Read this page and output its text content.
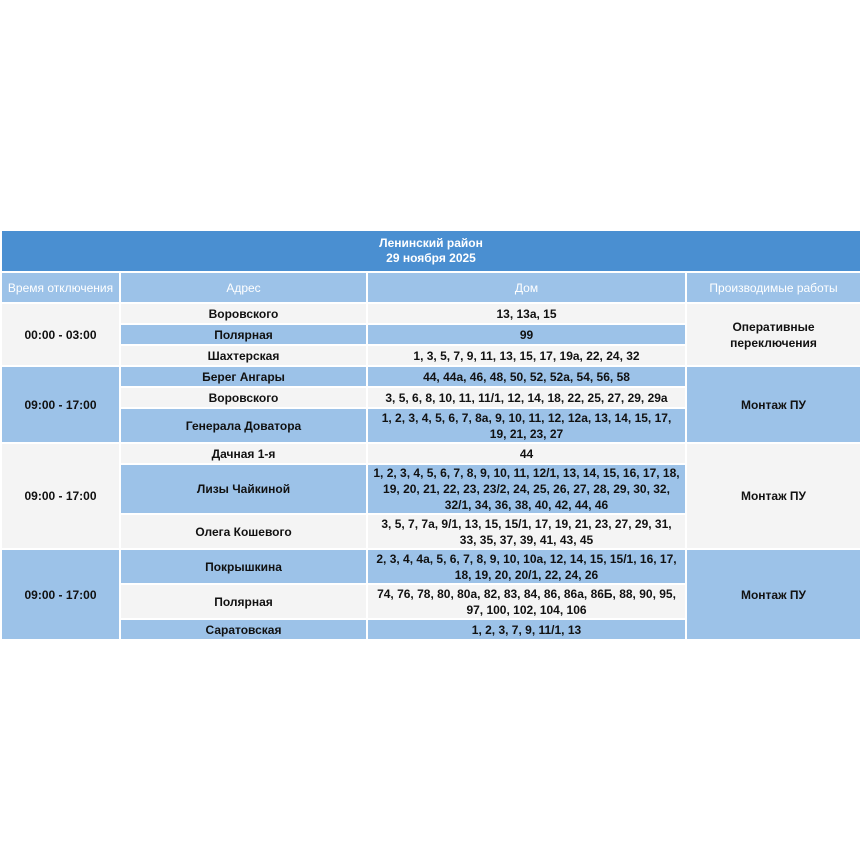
Ленинский район
29 ноября 2025			

Время отключения	Адрес	Дом	Производимые работы
00:00 - 03:00	Воровского	13, 13а, 15	Оперативные переключения
	Полярная	99	
	Шахтерская	1, 3, 5, 7, 9, 11, 13, 15, 17, 19а, 22, 24, 32	
09:00 - 17:00	Берег Ангары	44, 44а, 46, 48, 50, 52, 52а, 54, 56, 58	Монтаж ПУ
	Воровского	3, 5, 6, 8, 10, 11, 11/1, 12, 14, 18, 22, 25, 27, 29, 29а	
	Генерала Доватора	1, 2, 3, 4, 5, 6, 7, 8а, 9, 10, 11, 12, 12а, 13, 14, 15, 17, 19, 21, 23, 27	
09:00 - 17:00	Дачная 1-я	44	Монтаж ПУ
	Лизы Чайкиной	1, 2, 3, 4, 5, 6, 7, 8, 9, 10, 11, 12/1, 13, 14, 15, 16, 17, 18, 19, 20, 21, 22, 23, 23/2, 24, 25, 26, 27, 28, 29, 30, 32, 32/1, 34, 36, 38, 40, 42, 44, 46	
	Олега Кошевого	3, 5, 7, 7а, 9/1, 13, 15, 15/1, 17, 19, 21, 23, 27, 29, 31, 33, 35, 37, 39, 41, 43, 45	
09:00 - 17:00	Покрышкина	2, 3, 4, 4а, 5, 6, 7, 8, 9, 10, 10а, 12, 14, 15, 15/1, 16, 17, 18, 19, 20, 20/1, 22, 24, 26	Монтаж ПУ
	Полярная	74, 76, 78, 80, 80а, 82, 83, 84, 86, 86а, 86Б, 88, 90, 95, 97, 100, 102, 104, 106	
	Саратовская	1, 2, 3, 7, 9, 11/1, 13	
